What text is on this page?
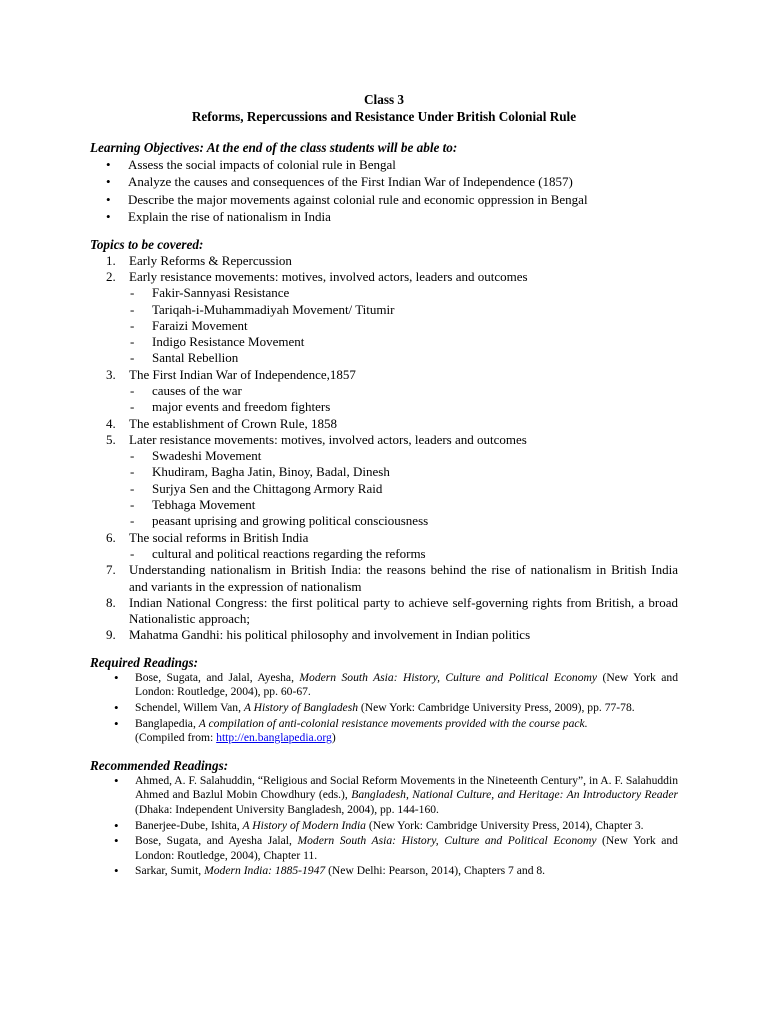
Class 3
Reforms, Repercussions and Resistance Under British Colonial Rule
Learning Objectives: At the end of the class students will be able to:
• Assess the social impacts of colonial rule in Bengal
• Analyze the causes and consequences of the First Indian War of Independence (1857)
• Describe the major movements against colonial rule and economic oppression in Bengal
• Explain the rise of nationalism in India
Topics to be covered:
1. Early Reforms & Repercussion
2. Early resistance movements: motives, involved actors, leaders and outcomes
- Fakir-Sannyasi Resistance
- Tariqah-i-Muhammadiyah Movement/ Titumir
- Faraizi Movement
- Indigo Resistance Movement
- Santal Rebellion
3. The First Indian War of Independence,1857
- causes of the war
- major events and freedom fighters
4. The establishment of Crown Rule, 1858
5. Later resistance movements: motives, involved actors, leaders and outcomes
- Swadeshi Movement
- Khudiram, Bagha Jatin, Binoy, Badal, Dinesh
- Surjya Sen and the Chittagong Armory Raid
- Tebhaga Movement
- peasant uprising and growing political consciousness
6. The social reforms in British India
- cultural and political reactions regarding the reforms
7. Understanding nationalism in British India: the reasons behind the rise of nationalism in British India and variants in the expression of nationalism
8. Indian National Congress: the first political party to achieve self-governing rights from British, a broad Nationalistic approach;
9. Mahatma Gandhi: his political philosophy and involvement in Indian politics
Required Readings:
• Bose, Sugata, and Jalal, Ayesha, Modern South Asia: History, Culture and Political Economy (New York and London: Routledge, 2004), pp. 60-67.
• Schendel, Willem Van, A History of Bangladesh (New York: Cambridge University Press, 2009), pp. 77-78.
• Banglapedia, A compilation of anti-colonial resistance movements provided with the course pack.
(Compiled from: http://en.banglapedia.org)
Recommended Readings:
• Ahmed, A. F. Salahuddin, “Religious and Social Reform Movements in the Nineteenth Century”, in A. F. Salahuddin Ahmed and Bazlul Mobin Chowdhury (eds.), Bangladesh, National Culture, and Heritage: An Introductory Reader (Dhaka: Independent University Bangladesh, 2004), pp. 144-160.
• Banerjee-Dube, Ishita, A History of Modern India (New York: Cambridge University Press, 2014), Chapter 3.
• Bose, Sugata, and Ayesha Jalal, Modern South Asia: History, Culture and Political Economy (New York and London: Routledge, 2004), Chapter 11.
• Sarkar, Sumit, Modern India: 1885-1947 (New Delhi: Pearson, 2014), Chapters 7 and 8.
